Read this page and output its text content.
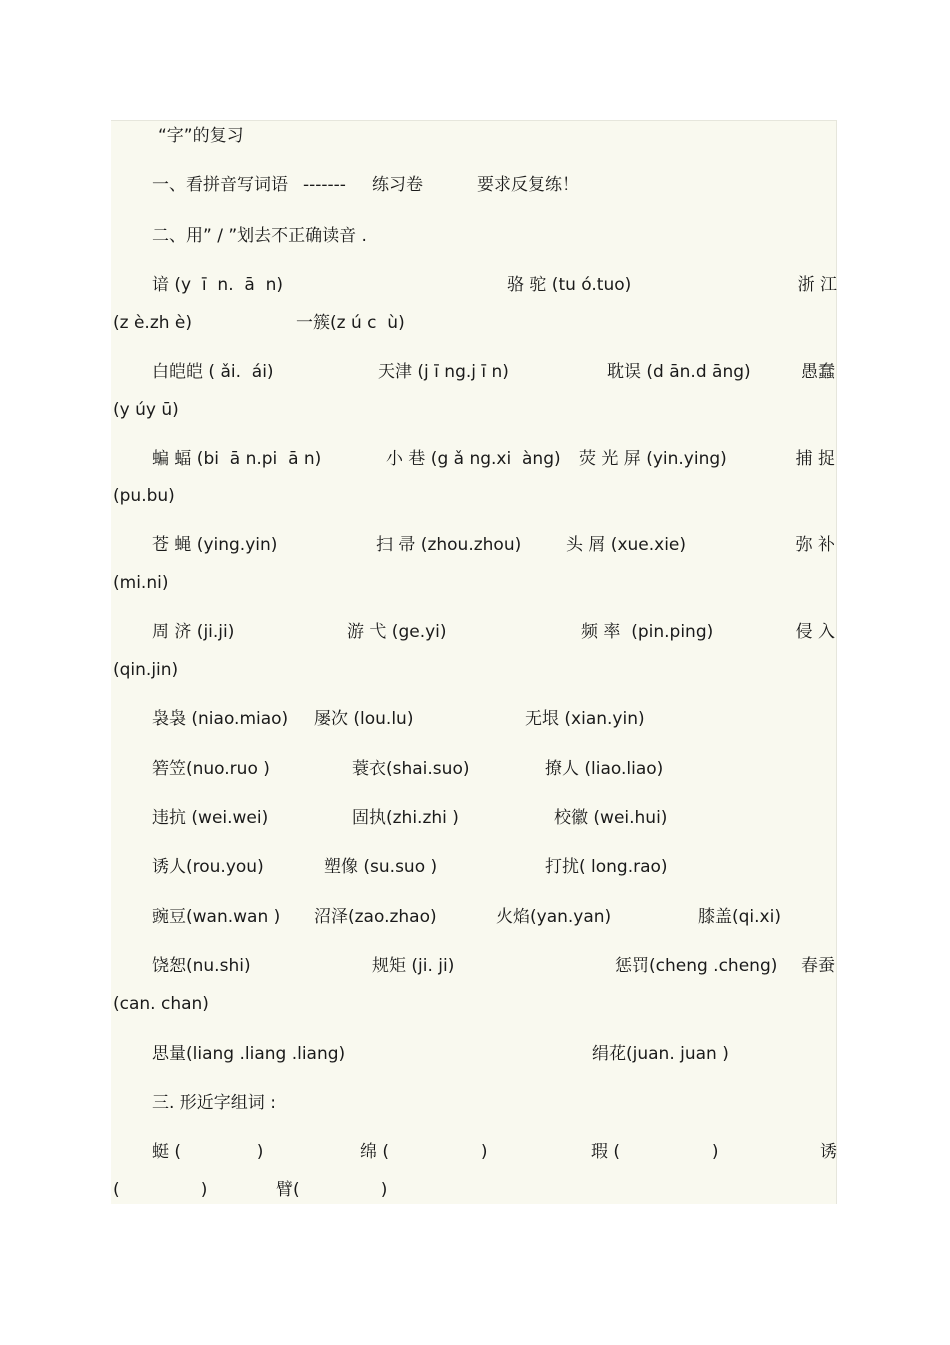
“字”的复习
一、看拼音写词语 ------- 练习卷	要求反复练！
二、用” / ”划去不正确读音 .
谙 (y  ī  n.  ā  n)	骆 驼 (tu ó.tuo)	浙 江
(z è.zh è)	一簇(z ú c  ù)
白皑皑 ( ǎi.  ái)	天津 (j ī ng.j ī n)	耽误 (d ān.d āng)	愚蠢
(y úy ū)
蝙 蝠 (bi  ā n.pi  ā n)	小 巷 (g ǎ ng.xi  àng) 荧 光 屏 (yin.ying)	捕 捉
(pu.bu)
苍 蝇 (ying.yin)	扫 帚 (zhou.zhou)	头 屑 (xue.xie)	弥 补
(mi.ni)
周 济 (ji.ji)	游 弋 (ge.yi)	频 率  (pin.ping)	侵 入
(qin.jin)
袅袅 (niao.miao) 屡次 (lou.lu)	无垠 (xian.yin)
箬笠(nuo.ruo )	蓑衣(shai.suo)	撩人 (liao.liao)
违抗 (wei.wei)	固执(zhi.zhi )	校徽 (wei.hui)
诱人(rou.you)	塑像 (su.suo )	打扰( long.rao)
豌豆(wan.wan ) 沼泽(zao.zhao)	火焰(yan.yan)	膝盖(qi.xi)
饶恕(nu.shi)	规矩 (ji. ji)	惩罚(cheng .cheng) 春蚕
(can. chan)
思量(liang .liang .liang)	绢花(juan. juan )
三. 形近字组词 :
蜓 (              )	绵 (                 )	瑕 (                 )	诱
(               )	臂(               )
